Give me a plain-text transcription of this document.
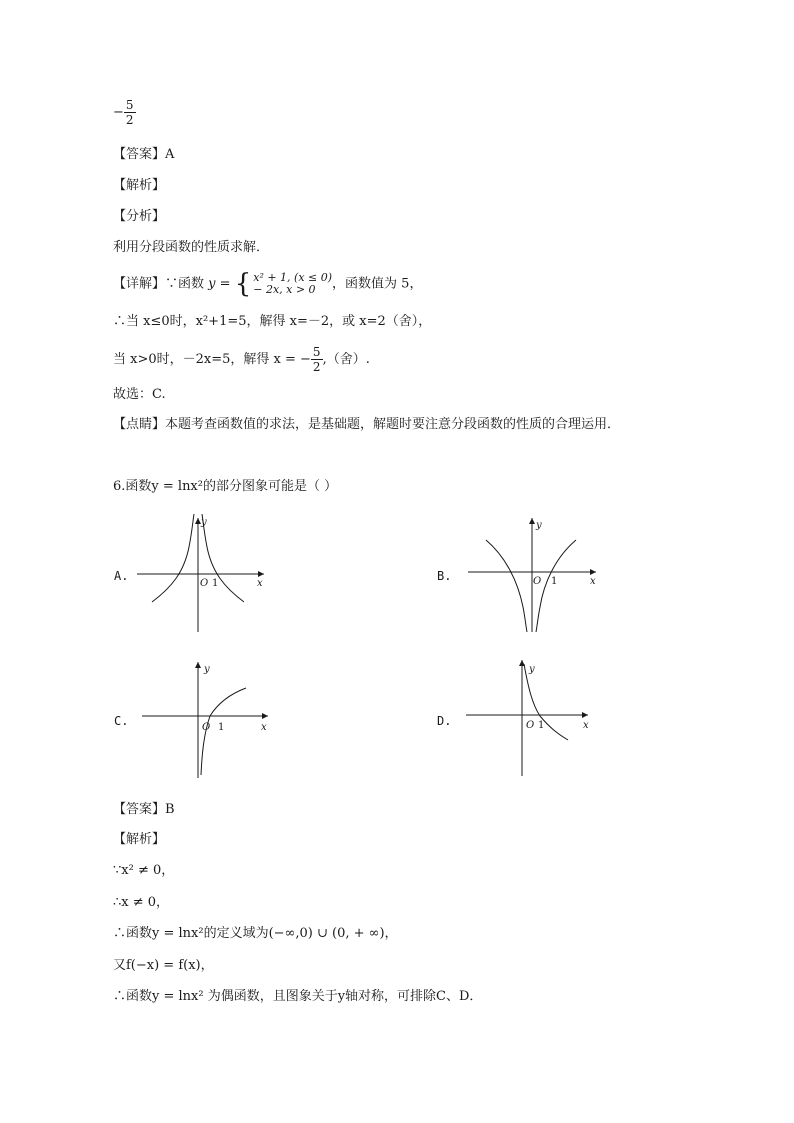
− $\frac{5}{2}$
【答案】A
【解析】
【分析】
利用分段函数的性质求解．
【详解】∵函数 y = { x² + 1, (x ≤ 0)
− 2x, x > 0	，函数值为 5，
∴当 x≤0时，x²+1=5，解得 x=－2，或 x=2（舍），
当 x>0时，－2x=5，解得 x = − $\frac{5}{2}$ ,（舍）.
故选：C.
【点睛】本题考查函数值的求法，是基础题，解题时要注意分段函数的性质的合理运用．
6.函数y = lnx²的部分图象可能是（ ）
A.	B.
C.	D.
y
O 1	x
y
O 1	x
y
O 1	x
y
O 1	x
【答案】B
【解析】
∵x² ≠ 0，
∴x ≠ 0，
∴函数y = lnx²的定义域为(−∞,0) ∪ (0, + ∞)，
又f(−x) = f(x)，
∴函数y = lnx² 为偶函数，且图象关于y轴对称，可排除C、D．
